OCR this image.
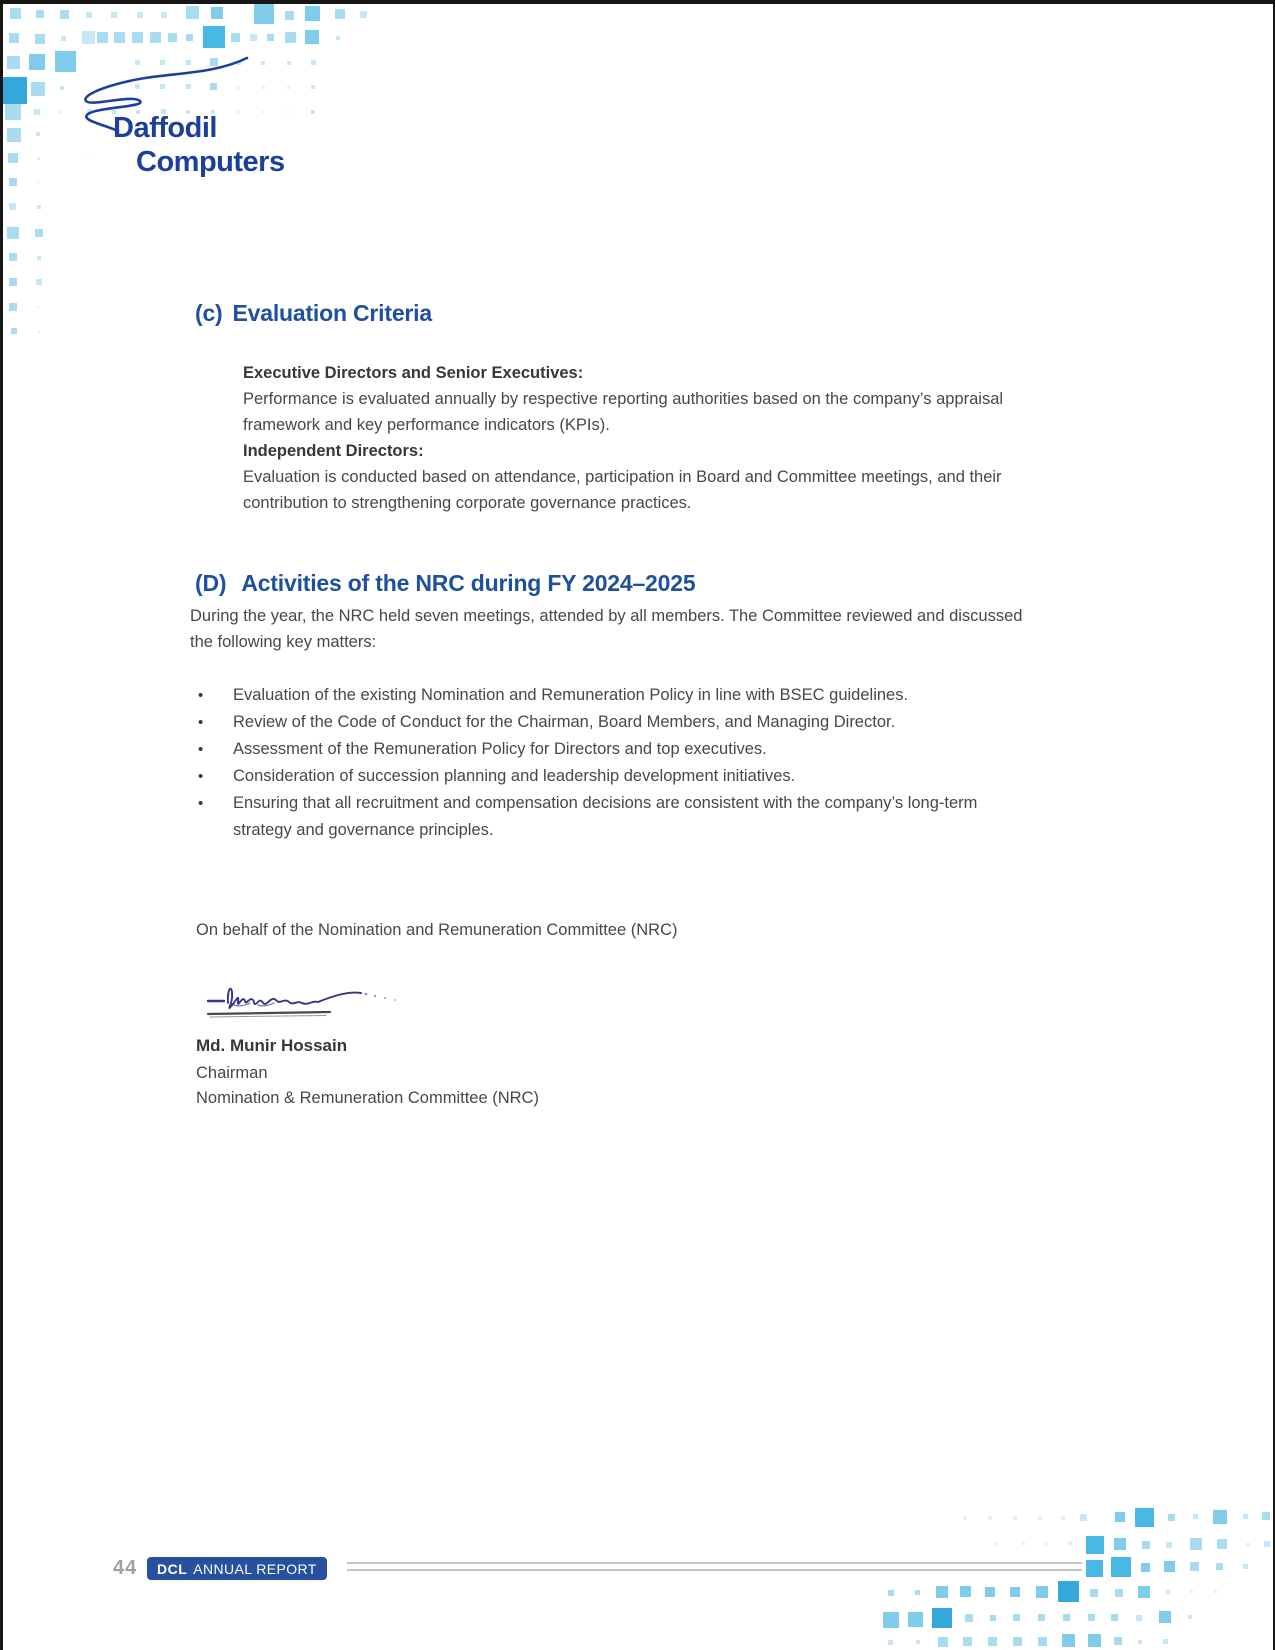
Daffodil
Computers
(c) Evaluation Criteria
Executive Directors and Senior Executives:
Performance is evaluated annually by respective reporting authorities based on the company’s appraisal framework and key performance indicators (KPIs).
Independent Directors:
Evaluation is conducted based on attendance, participation in Board and Committee meetings, and their contribution to strengthening corporate governance practices.
(D) Activities of the NRC during FY 2024–2025
During the year, the NRC held seven meetings, attended by all members. The Committee reviewed and discussed the following key matters:
•	Evaluation of the existing Nomination and Remuneration Policy in line with BSEC guidelines.
•	Review of the Code of Conduct for the Chairman, Board Members, and Managing Director.
•	Assessment of the Remuneration Policy for Directors and top executives.
•	Consideration of succession planning and leadership development initiatives.
•	Ensuring that all recruitment and compensation decisions are consistent with the company’s long-term strategy and governance principles.
On behalf of the Nomination and Remuneration Committee (NRC)
Md. Munir Hossain
Chairman
Nomination & Remuneration Committee (NRC)
44 DCL ANNUAL REPORT
